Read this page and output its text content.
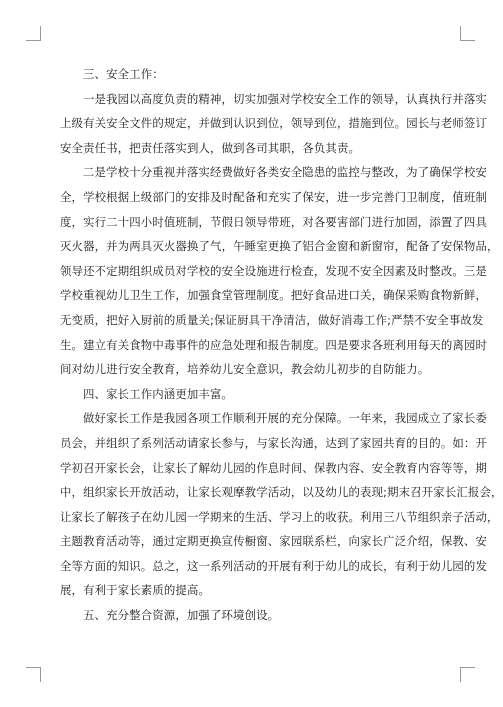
三、安全工作：
一是我园以高度负责的精神，切实加强对学校安全工作的领导，认真执行并落实
上级有关安全文件的规定，并做到认识到位，领导到位，措施到位。园长与老师签订
安全责任书，把责任落实到人，做到各司其职，各负其责。
二是学校十分重视并落实经费做好各类安全隐患的监控与整改，为了确保学校安
全，学校根据上级部门的安排及时配备和充实了保安，进一步完善门卫制度，值班制
度，实行二十四小时值班制，节假日领导带班，对各要害部门进行加固，添置了四具
灭火器，并为两具灭火器换了气，午睡室更换了铝合金窗和新窗帘，配备了安保物品，
领导还不定期组织成员对学校的安全设施进行检查，发现不安全因素及时整改。三是
学校重视幼儿卫生工作，加强食堂管理制度。把好食品进口关，确保采购食物新鲜，
无变质，把好入厨前的质量关;保证厨具干净清洁，做好消毒工作;严禁不安全事故发
生。建立有关食物中毒事件的应急处理和报告制度。四是要求各班利用每天的离园时
间对幼儿进行安全教育，培养幼儿安全意识，教会幼儿初步的自防能力。
四、家长工作内涵更加丰富。
做好家长工作是我园各项工作顺利开展的充分保障。一年来，我园成立了家长委
员会，并组织了系列活动请家长参与，与家长沟通，达到了家园共育的目的。如：开
学初召开家长会，让家长了解幼儿园的作息时间、保教内容、安全教育内容等等，期
中，组织家长开放活动，让家长观摩教学活动，以及幼儿的表现;期末召开家长汇报会，
让家长了解孩子在幼儿园一学期来的生活、学习上的收获。利用三八节组织亲子活动，
主题教育活动等，通过定期更换宣传橱窗、家园联系栏，向家长广泛介绍，保教、安
全等方面的知识。总之，这一系列活动的开展有利于幼儿的成长，有利于幼儿园的发
展，有利于家长素质的提高。
五、充分整合资源，加强了环境创设。
